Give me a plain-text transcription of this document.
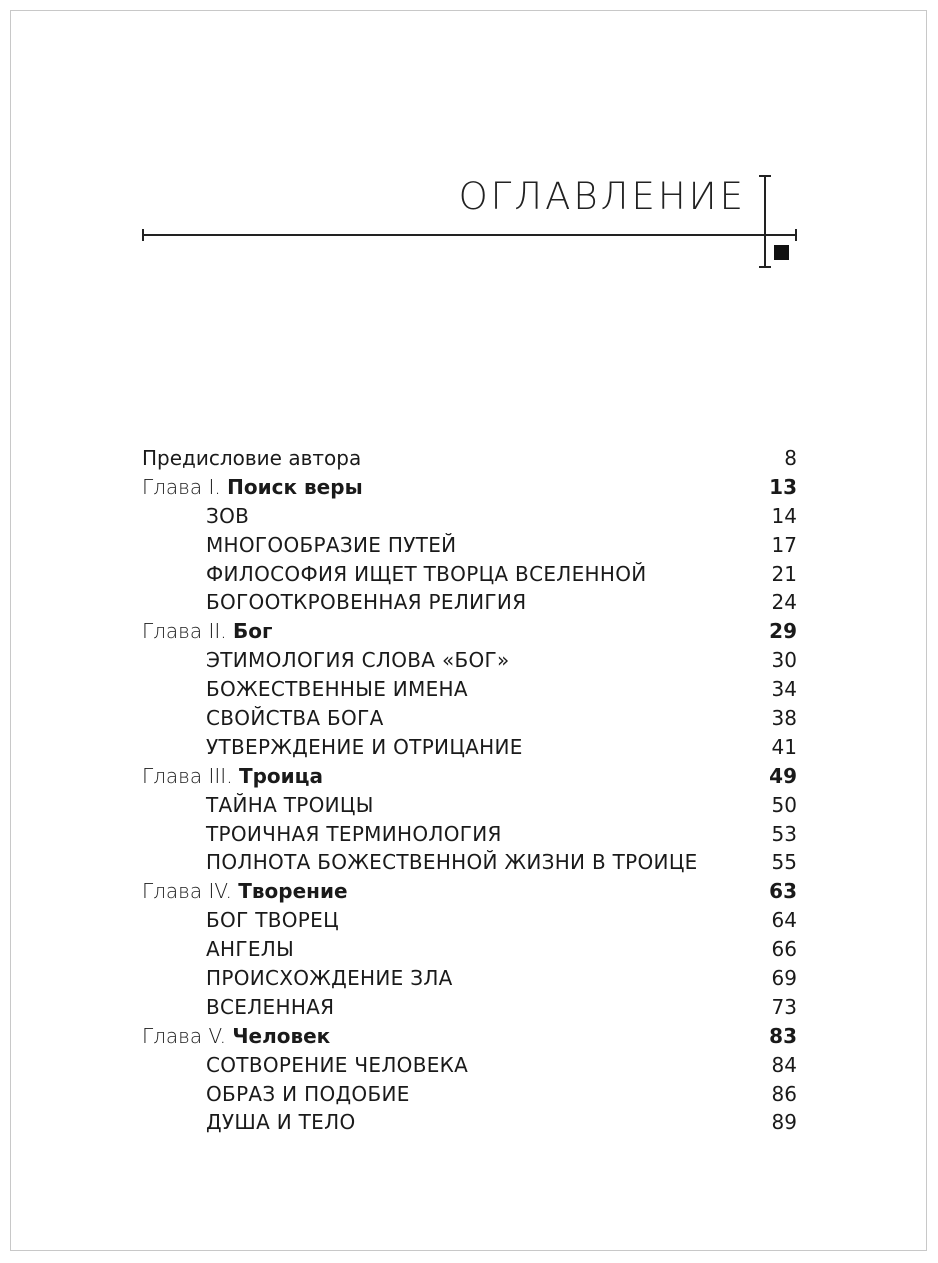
ОГЛАВЛЕНИЕ
Предисловие автора	8
Глава I. Поиск веры	13
ЗОВ	14
МНОГООБРАЗИЕ ПУТЕЙ	17
ФИЛОСОФИЯ ИЩЕТ ТВОРЦА ВСЕЛЕННОЙ	21
БОГООТКРОВЕННАЯ РЕЛИГИЯ	24
Глава II. Бог	29
ЭТИМОЛОГИЯ СЛОВА «БОГ»	30
БОЖЕСТВЕННЫЕ ИМЕНА	34
СВОЙСТВА БОГА	38
УТВЕРЖДЕНИЕ И ОТРИЦАНИЕ	41
Глава III. Троица	49
ТАЙНА ТРОИЦЫ	50
ТРОИЧНАЯ ТЕРМИНОЛОГИЯ	53
ПОЛНОТА БОЖЕСТВЕННОЙ ЖИЗНИ В ТРОИЦЕ	55
Глава IV. Творение	63
БОГ ТВОРЕЦ	64
АНГЕЛЫ	66
ПРОИСХОЖДЕНИЕ ЗЛА	69
ВСЕЛЕННАЯ	73
Глава V. Человек	83
СОТВОРЕНИЕ ЧЕЛОВЕКА	84
ОБРАЗ И ПОДОБИЕ	86
ДУША И ТЕЛО	89
